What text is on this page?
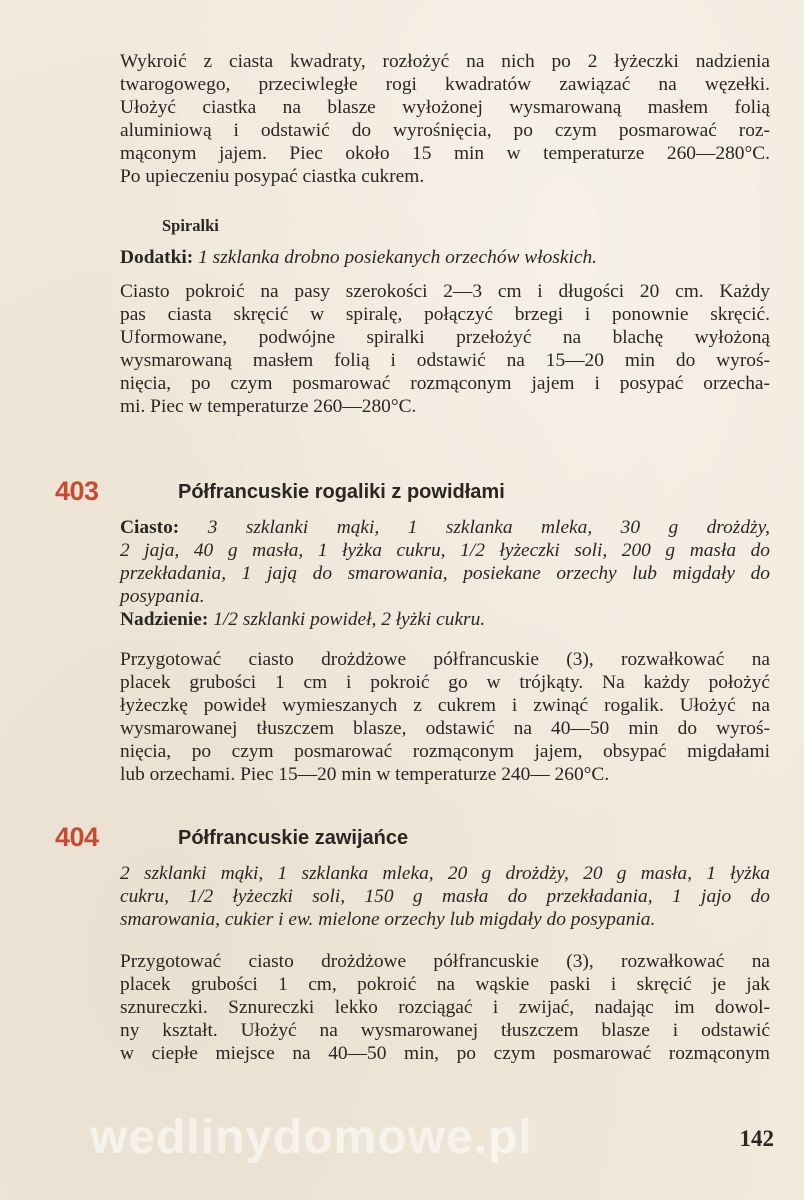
Wykroić z ciasta kwadraty, rozłożyć na nich po 2 łyżeczki nadzienia
twarogowego, przeciwległe rogi kwadratów zawiązać na węzełki.
Ułożyć ciastka na blasze wyłożonej wysmarowaną masłem folią
aluminiową i odstawić do wyrośnięcia, po czym posmarować roz-
mąconym jajem. Piec około 15 min w temperaturze 260—280°C.
Po upieczeniu posypać ciastka cukrem.
Spiralki
Dodatki: 1 szklanka drobno posiekanych orzechów włoskich.
Ciasto pokroić na pasy szerokości 2—3 cm i długości 20 cm. Każdy
pas ciasta skręcić w spiralę, połączyć brzegi i ponownie skręcić.
Uformowane, podwójne spiralki przełożyć na blachę wyłożoną
wysmarowaną masłem folią i odstawić na 15—20 min do wyroś-
nięcia, po czym posmarować rozmąconym jajem i posypać orzecha-
mi. Piec w temperaturze 260—280°C.
403	Półfrancuskie rogaliki z powidłami
Ciasto: 3 szklanki mąki, 1 szklanka mleka, 30 g drożdży,
2 jaja, 40 g masła, 1 łyżka cukru, 1/2 łyżeczki soli, 200 g masła do
przekładania, 1 jają do smarowania, posiekane orzechy lub migdały do
posypania.
Nadzienie: 1/2 szklanki powideł, 2 łyżki cukru.
Przygotować ciasto drożdżowe półfrancuskie (3), rozwałkować na
placek grubości 1 cm i pokroić go w trójkąty. Na każdy położyć
łyżeczkę powideł wymieszanych z cukrem i zwinąć rogalik. Ułożyć na
wysmarowanej tłuszczem blasze, odstawić na 40—50 min do wyroś-
nięcia, po czym posmarować rozmąconym jajem, obsypać migdałami
lub orzechami. Piec 15—20 min w temperaturze 240— 260°C.
404	Półfrancuskie zawijańce
2 szklanki mąki, 1 szklanka mleka, 20 g drożdży, 20 g masła, 1 łyżka
cukru, 1/2 łyżeczki soli, 150 g masła do przekładania, 1 jajo do
smarowania, cukier i ew. mielone orzechy lub migdały do posypania.
Przygotować ciasto drożdżowe półfrancuskie (3), rozwałkować na
placek grubości 1 cm, pokroić na wąskie paski i skręcić je jak
sznureczki. Sznureczki lekko rozciągać i zwijać, nadając im dowol-
ny kształt. Ułożyć na wysmarowanej tłuszczem blasze i odstawić
w ciepłe miejsce na 40—50 min, po czym posmarować rozmąconym
wedlinydomowe.pl	142
